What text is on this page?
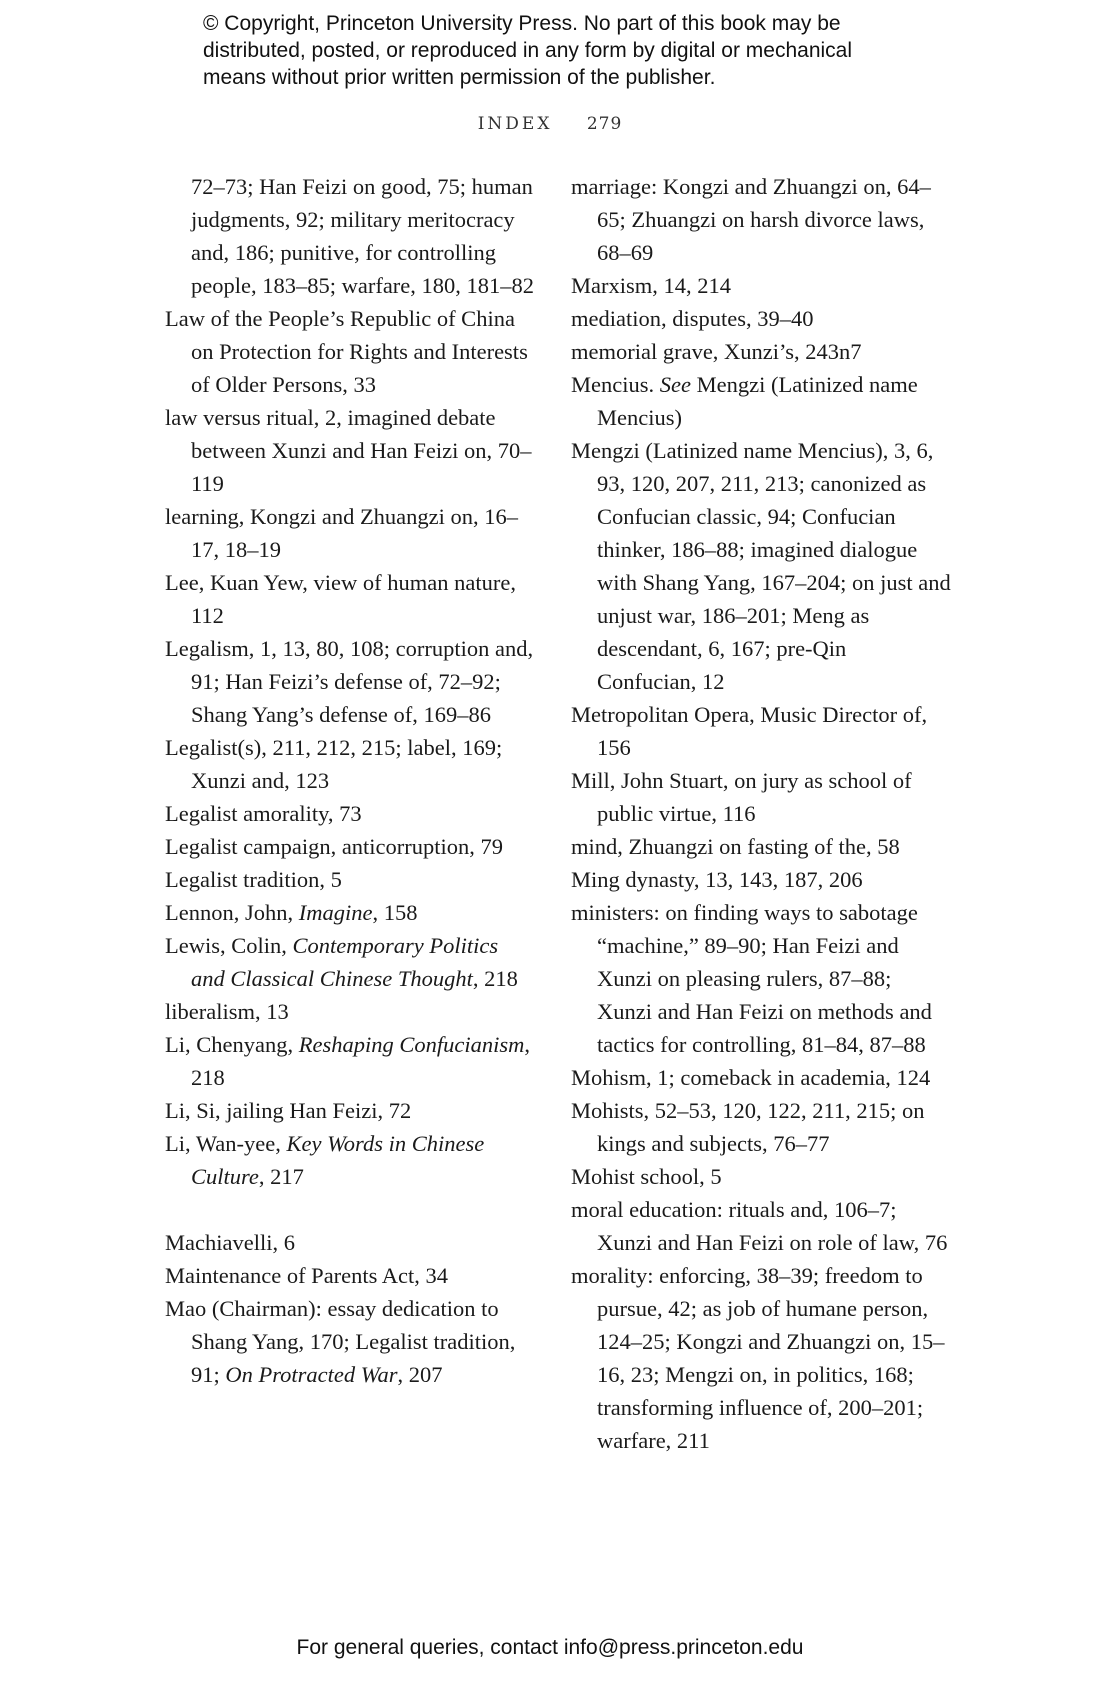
© Copyright, Princeton University Press. No part of this book may be
distributed, posted, or reproduced in any form by digital or mechanical
means without prior written permission of the publisher.
INDEX 279
72–73; Han Feizi on good, 75; human judgments, 92; military meritocracy and, 186; punitive, for controlling people, 183–85; warfare, 180, 181–82
Law of the People’s Republic of China on Protection for Rights and Interests of Older Persons, 33
law versus ritual, 2, imagined debate between Xunzi and Han Feizi on, 70–119
learning, Kongzi and Zhuangzi on, 16–17, 18–19
Lee, Kuan Yew, view of human nature, 112
Legalism, 1, 13, 80, 108; corruption and, 91; Han Feizi’s defense of, 72–92; Shang Yang’s defense of, 169–86
Legalist(s), 211, 212, 215; label, 169; Xunzi and, 123
Legalist amorality, 73
Legalist campaign, anticorruption, 79
Legalist tradition, 5
Lennon, John, Imagine, 158
Lewis, Colin, Contemporary Politics and Classical Chinese Thought, 218
liberalism, 13
Li, Chenyang, Reshaping Confucianism, 218
Li, Si, jailing Han Feizi, 72
Li, Wan-yee, Key Words in Chinese Culture, 217
Machiavelli, 6
Maintenance of Parents Act, 34
Mao (Chairman): essay dedication to Shang Yang, 170; Legalist tradition, 91; On Protracted War, 207
marriage: Kongzi and Zhuangzi on, 64–65; Zhuangzi on harsh divorce laws, 68–69
Marxism, 14, 214
mediation, disputes, 39–40
memorial grave, Xunzi’s, 243n7
Mencius. See Mengzi (Latinized name Mencius)
Mengzi (Latinized name Mencius), 3, 6, 93, 120, 207, 211, 213; canonized as Confucian classic, 94; Confucian thinker, 186–88; imagined dialogue with Shang Yang, 167–204; on just and unjust war, 186–201; Meng as descendant, 6, 167; pre-Qin Confucian, 12
Metropolitan Opera, Music Director of, 156
Mill, John Stuart, on jury as school of public virtue, 116
mind, Zhuangzi on fasting of the, 58
Ming dynasty, 13, 143, 187, 206
ministers: on finding ways to sabotage “machine,” 89–90; Han Feizi and Xunzi on pleasing rulers, 87–88; Xunzi and Han Feizi on methods and tactics for controlling, 81–84, 87–88
Mohism, 1; comeback in academia, 124
Mohists, 52–53, 120, 122, 211, 215; on kings and subjects, 76–77
Mohist school, 5
moral education: rituals and, 106–7; Xunzi and Han Feizi on role of law, 76
morality: enforcing, 38–39; freedom to pursue, 42; as job of humane person, 124–25; Kongzi and Zhuangzi on, 15–16, 23; Mengzi on, in politics, 168; transforming influence of, 200–201; warfare, 211
For general queries, contact info@press.princeton.edu
